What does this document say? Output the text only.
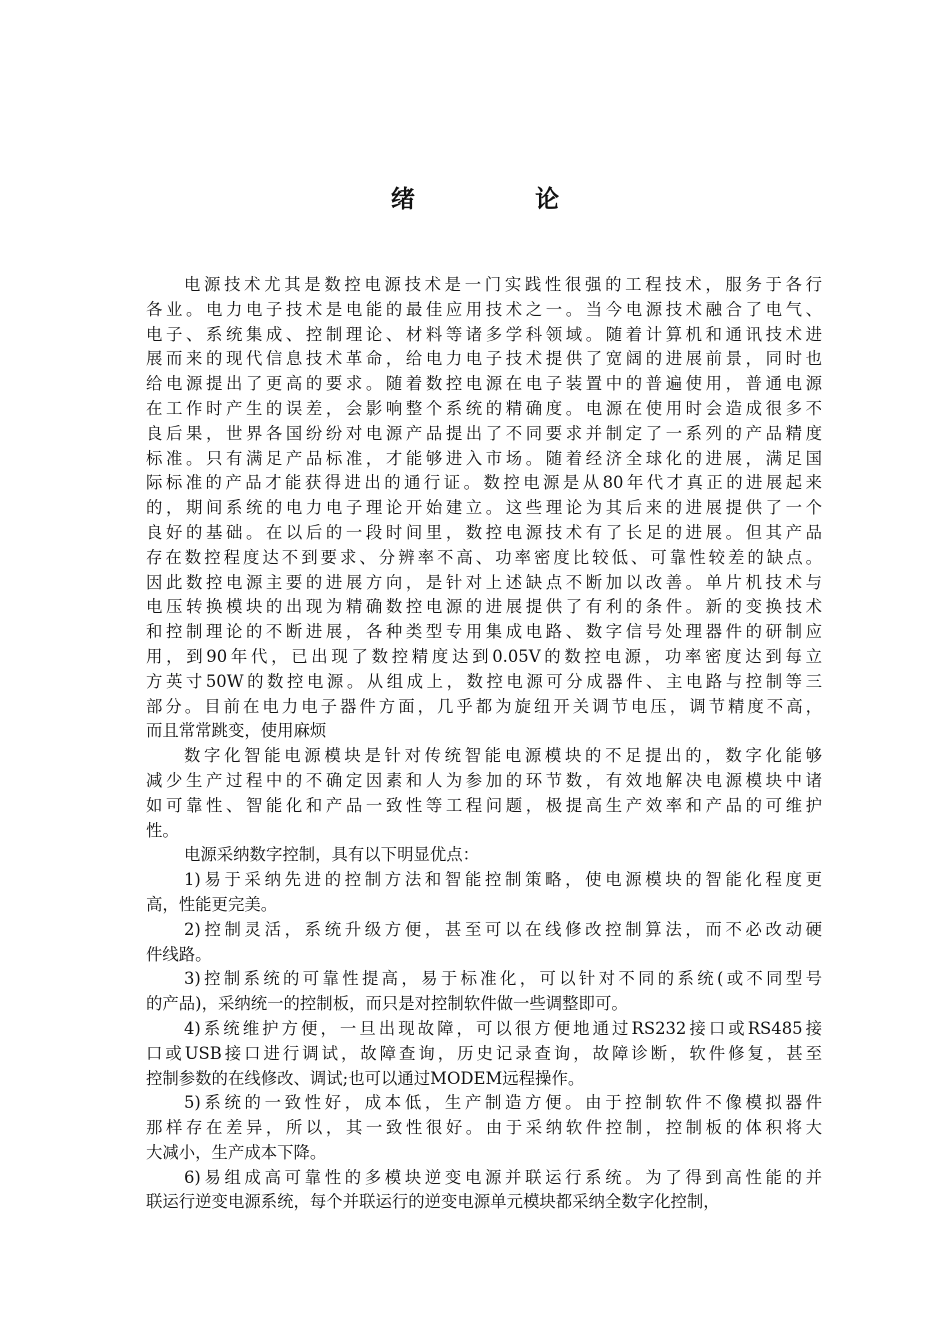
绪 论
电源技术尤其是数控电源技术是一门实践性很强的工程技术，服务于各行
各业。电力电子技术是电能的最佳应用技术之一。当今电源技术融合了电气、
电子、系统集成、控制理论、材料等诸多学科领域。随着计算机和通讯技术进
展而来的现代信息技术革命，给电力电子技术提供了宽阔的进展前景，同时也
给电源提出了更高的要求。随着数控电源在电子装置中的普遍使用，普通电源
在工作时产生的误差，会影响整个系统的精确度。电源在使用时会造成很多不
良后果，世界各国纷纷对电源产品提出了不同要求并制定了一系列的产品精度
标准。只有满足产品标准，才能够进入市场。随着经济全球化的进展，满足国
际标准的产品才能获得进出的通行证。数控电源是从80年代才真正的进展起来
的，期间系统的电力电子理论开始建立。这些理论为其后来的进展提供了一个
良好的基础。在以后的一段时间里，数控电源技术有了长足的进展。但其产品
存在数控程度达不到要求、分辨率不高、功率密度比较低、可靠性较差的缺点。
因此数控电源主要的进展方向，是针对上述缺点不断加以改善。单片机技术与
电压转换模块的出现为精确数控电源的进展提供了有利的条件。新的变换技术
和控制理论的不断进展，各种类型专用集成电路、数字信号处理器件的研制应
用，到90年代，已出现了数控精度达到0.05V的数控电源，功率密度达到每立
方英寸50W的数控电源。从组成上，数控电源可分成器件、主电路与控制等三
部分。目前在电力电子器件方面，几乎都为旋纽开关调节电压，调节精度不高，
而且常常跳变，使用麻烦
数字化智能电源模块是针对传统智能电源模块的不足提出的，数字化能够
减少生产过程中的不确定因素和人为参加的环节数，有效地解决电源模块中诸
如可靠性、智能化和产品一致性等工程问题，极提高生产效率和产品的可维护
性。
电源采纳数字控制，具有以下明显优点：
1)易于采纳先进的控制方法和智能控制策略，使电源模块的智能化程度更
高，性能更完美。
2)控制灵活，系统升级方便，甚至可以在线修改控制算法，而不必改动硬
件线路。
3)控制系统的可靠性提高，易于标准化，可以针对不同的系统(或不同型号
的产品)，采纳统一的控制板，而只是对控制软件做一些调整即可。
4)系统维护方便，一旦出现故障，可以很方便地通过RS232接口或RS485接
口或USB接口进行调试，故障查询，历史记录查询，故障诊断，软件修复，甚至
控制参数的在线修改、调试;也可以通过MODEM远程操作。
5)系统的一致性好，成本低，生产制造方便。由于控制软件不像模拟器件
那样存在差异，所以，其一致性很好。由于采纳软件控制，控制板的体积将大
大减小，生产成本下降。
6)易组成高可靠性的多模块逆变电源并联运行系统。为了得到高性能的并
联运行逆变电源系统，每个并联运行的逆变电源单元模块都采纳全数字化控制，
